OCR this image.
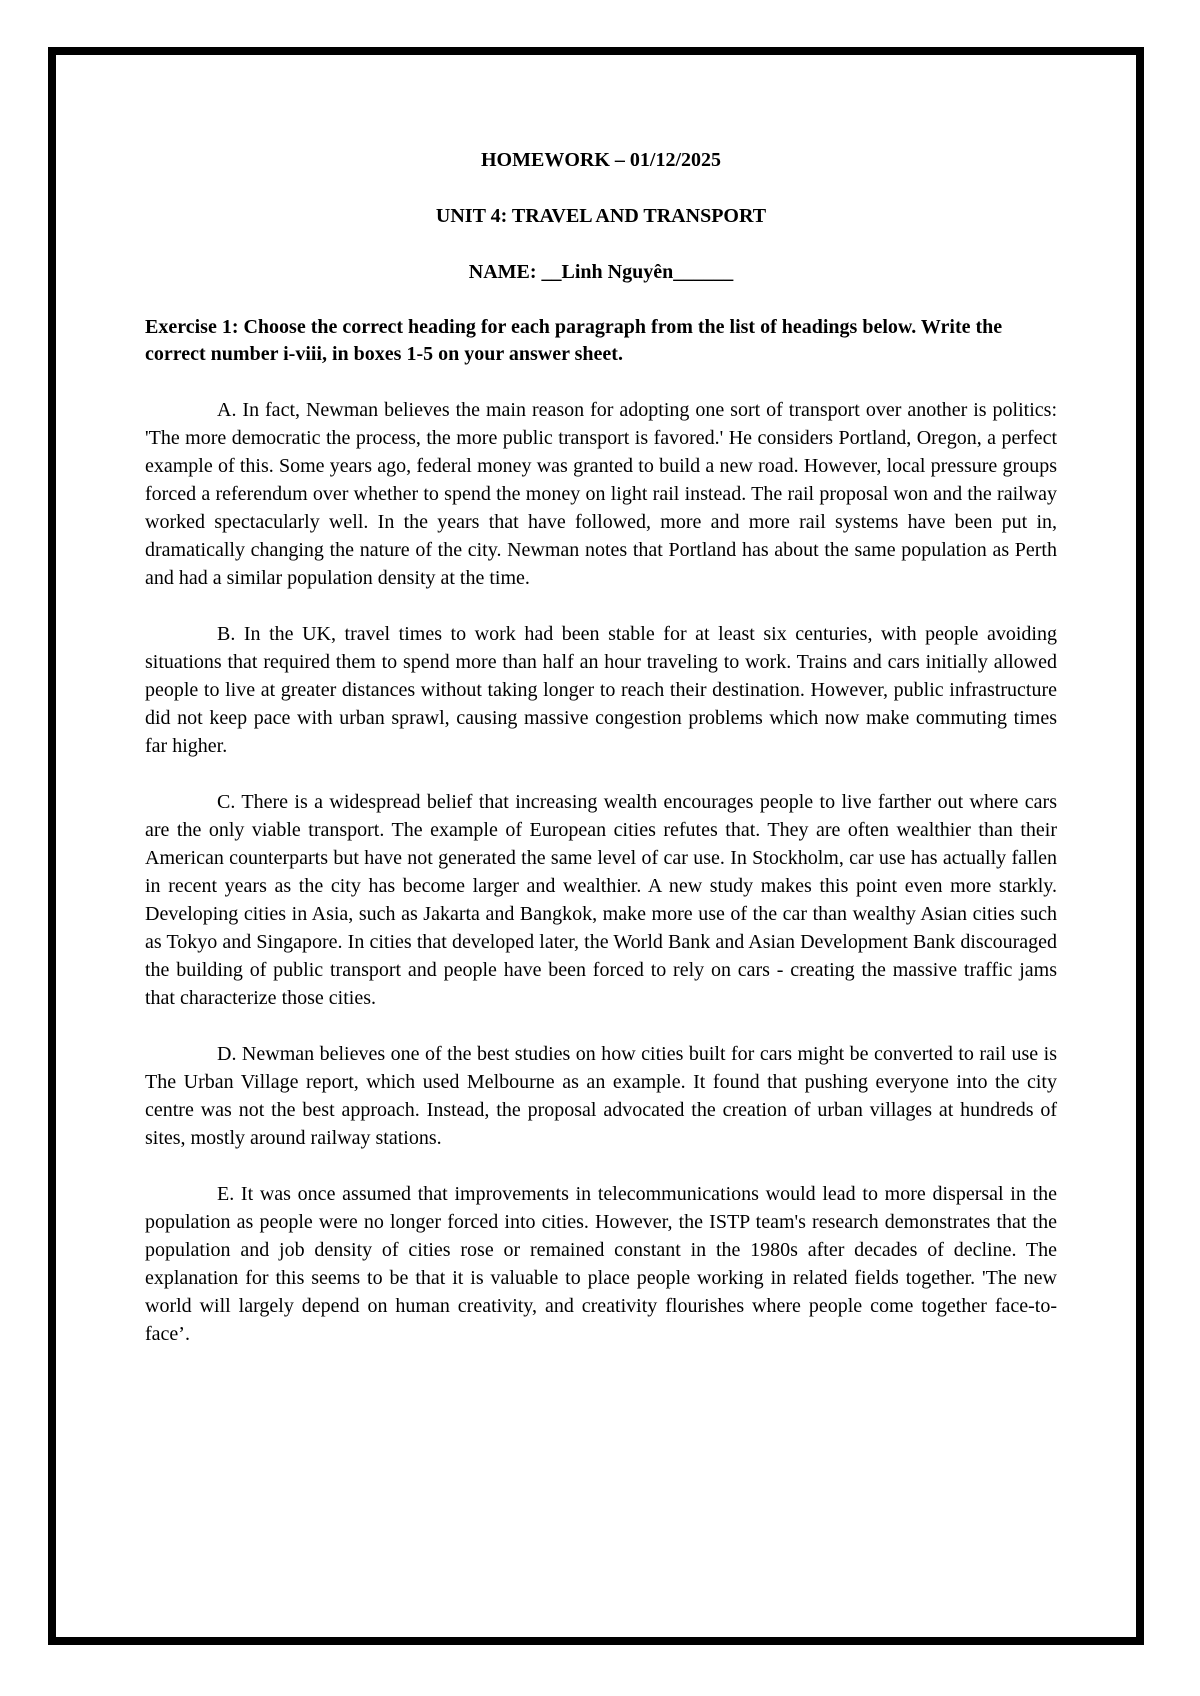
HOMEWORK – 01/12/2025

UNIT 4: TRAVEL AND TRANSPORT

NAME: __Linh Nguyên______

Exercise 1: Choose the correct heading for each paragraph from the list of headings below. Write the correct number i-viii, in boxes 1-5 on your answer sheet.

A. In fact, Newman believes the main reason for adopting one sort of transport over another is politics: 'The more democratic the process, the more public transport is favored.' He considers Portland, Oregon, a perfect example of this. Some years ago, federal money was granted to build a new road. However, local pressure groups forced a referendum over whether to spend the money on light rail instead. The rail proposal won and the railway worked spectacularly well. In the years that have followed, more and more rail systems have been put in, dramatically changing the nature of the city. Newman notes that Portland has about the same population as Perth and had a similar population density at the time.

B. In the UK, travel times to work had been stable for at least six centuries, with people avoiding situations that required them to spend more than half an hour traveling to work. Trains and cars initially allowed people to live at greater distances without taking longer to reach their destination. However, public infrastructure did not keep pace with urban sprawl, causing massive congestion problems which now make commuting times far higher.

C. There is a widespread belief that increasing wealth encourages people to live farther out where cars are the only viable transport. The example of European cities refutes that. They are often wealthier than their American counterparts but have not generated the same level of car use. In Stockholm, car use has actually fallen in recent years as the city has become larger and wealthier. A new study makes this point even more starkly. Developing cities in Asia, such as Jakarta and Bangkok, make more use of the car than wealthy Asian cities such as Tokyo and Singapore. In cities that developed later, the World Bank and Asian Development Bank discouraged the building of public transport and people have been forced to rely on cars - creating the massive traffic jams that characterize those cities.

D. Newman believes one of the best studies on how cities built for cars might be converted to rail use is The Urban Village report, which used Melbourne as an example. It found that pushing everyone into the city centre was not the best approach. Instead, the proposal advocated the creation of urban villages at hundreds of sites, mostly around railway stations.

E. It was once assumed that improvements in telecommunications would lead to more dispersal in the population as people were no longer forced into cities. However, the ISTP team's research demonstrates that the population and job density of cities rose or remained constant in the 1980s after decades of decline. The explanation for this seems to be that it is valuable to place people working in related fields together. 'The new world will largely depend on human creativity, and creativity flourishes where people come together face-to-face’.
